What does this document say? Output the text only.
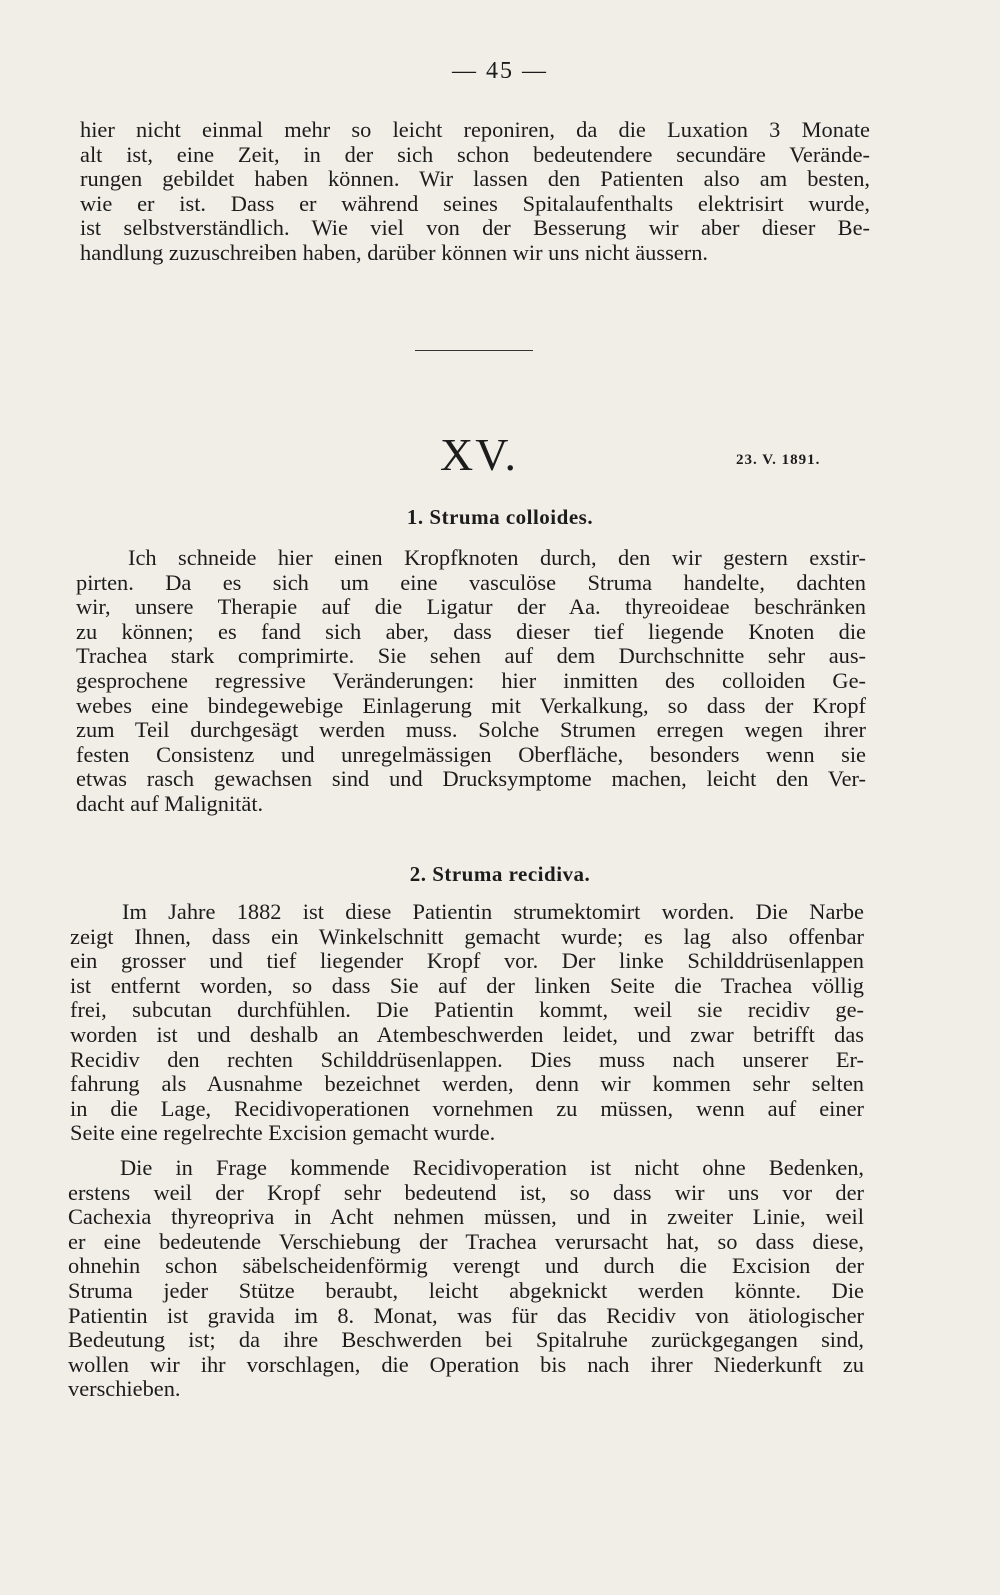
— 45 —
hier nicht einmal mehr so leicht reponiren, da die Luxation 3 Monate
alt ist, eine Zeit, in der sich schon bedeutendere secundäre Verände-
rungen gebildet haben können. Wir lassen den Patienten also am besten,
wie er ist. Dass er während seines Spitalaufenthalts elektrisirt wurde,
ist selbstverständlich. Wie viel von der Besserung wir aber dieser Be-
handlung zuzuschreiben haben, darüber können wir uns nicht äussern.
XV.	23. V. 1891.
1. Struma colloides.
Ich schneide hier einen Kropfknoten durch, den wir gestern exstir-
pirten. Da es sich um eine vasculöse Struma handelte, dachten
wir, unsere Therapie auf die Ligatur der Aa. thyreoideae beschränken
zu können; es fand sich aber, dass dieser tief liegende Knoten die
Trachea stark comprimirte. Sie sehen auf dem Durchschnitte sehr aus-
gesprochene regressive Veränderungen: hier inmitten des colloiden Ge-
webes eine bindegewebige Einlagerung mit Verkalkung, so dass der Kropf
zum Teil durchgesägt werden muss. Solche Strumen erregen wegen ihrer
festen Consistenz und unregelmässigen Oberfläche, besonders wenn sie
etwas rasch gewachsen sind und Drucksymptome machen, leicht den Ver-
dacht auf Malignität.
2. Struma recidiva.
Im Jahre 1882 ist diese Patientin strumektomirt worden. Die Narbe
zeigt Ihnen, dass ein Winkelschnitt gemacht wurde; es lag also offenbar
ein grosser und tief liegender Kropf vor. Der linke Schilddrüsenlappen
ist entfernt worden, so dass Sie auf der linken Seite die Trachea völlig
frei, subcutan durchfühlen. Die Patientin kommt, weil sie recidiv ge-
worden ist und deshalb an Atembeschwerden leidet, und zwar betrifft das
Recidiv den rechten Schilddrüsenlappen. Dies muss nach unserer Er-
fahrung als Ausnahme bezeichnet werden, denn wir kommen sehr selten
in die Lage, Recidivoperationen vornehmen zu müssen, wenn auf einer
Seite eine regelrechte Excision gemacht wurde.
Die in Frage kommende Recidivoperation ist nicht ohne Bedenken,
erstens weil der Kropf sehr bedeutend ist, so dass wir uns vor der
Cachexia thyreopriva in Acht nehmen müssen, und in zweiter Linie, weil
er eine bedeutende Verschiebung der Trachea verursacht hat, so dass diese,
ohnehin schon säbelscheidenförmig verengt und durch die Excision der
Struma jeder Stütze beraubt, leicht abgeknickt werden könnte. Die
Patientin ist gravida im 8. Monat, was für das Recidiv von ätiologischer
Bedeutung ist; da ihre Beschwerden bei Spitalruhe zurückgegangen sind,
wollen wir ihr vorschlagen, die Operation bis nach ihrer Niederkunft zu
verschieben.
